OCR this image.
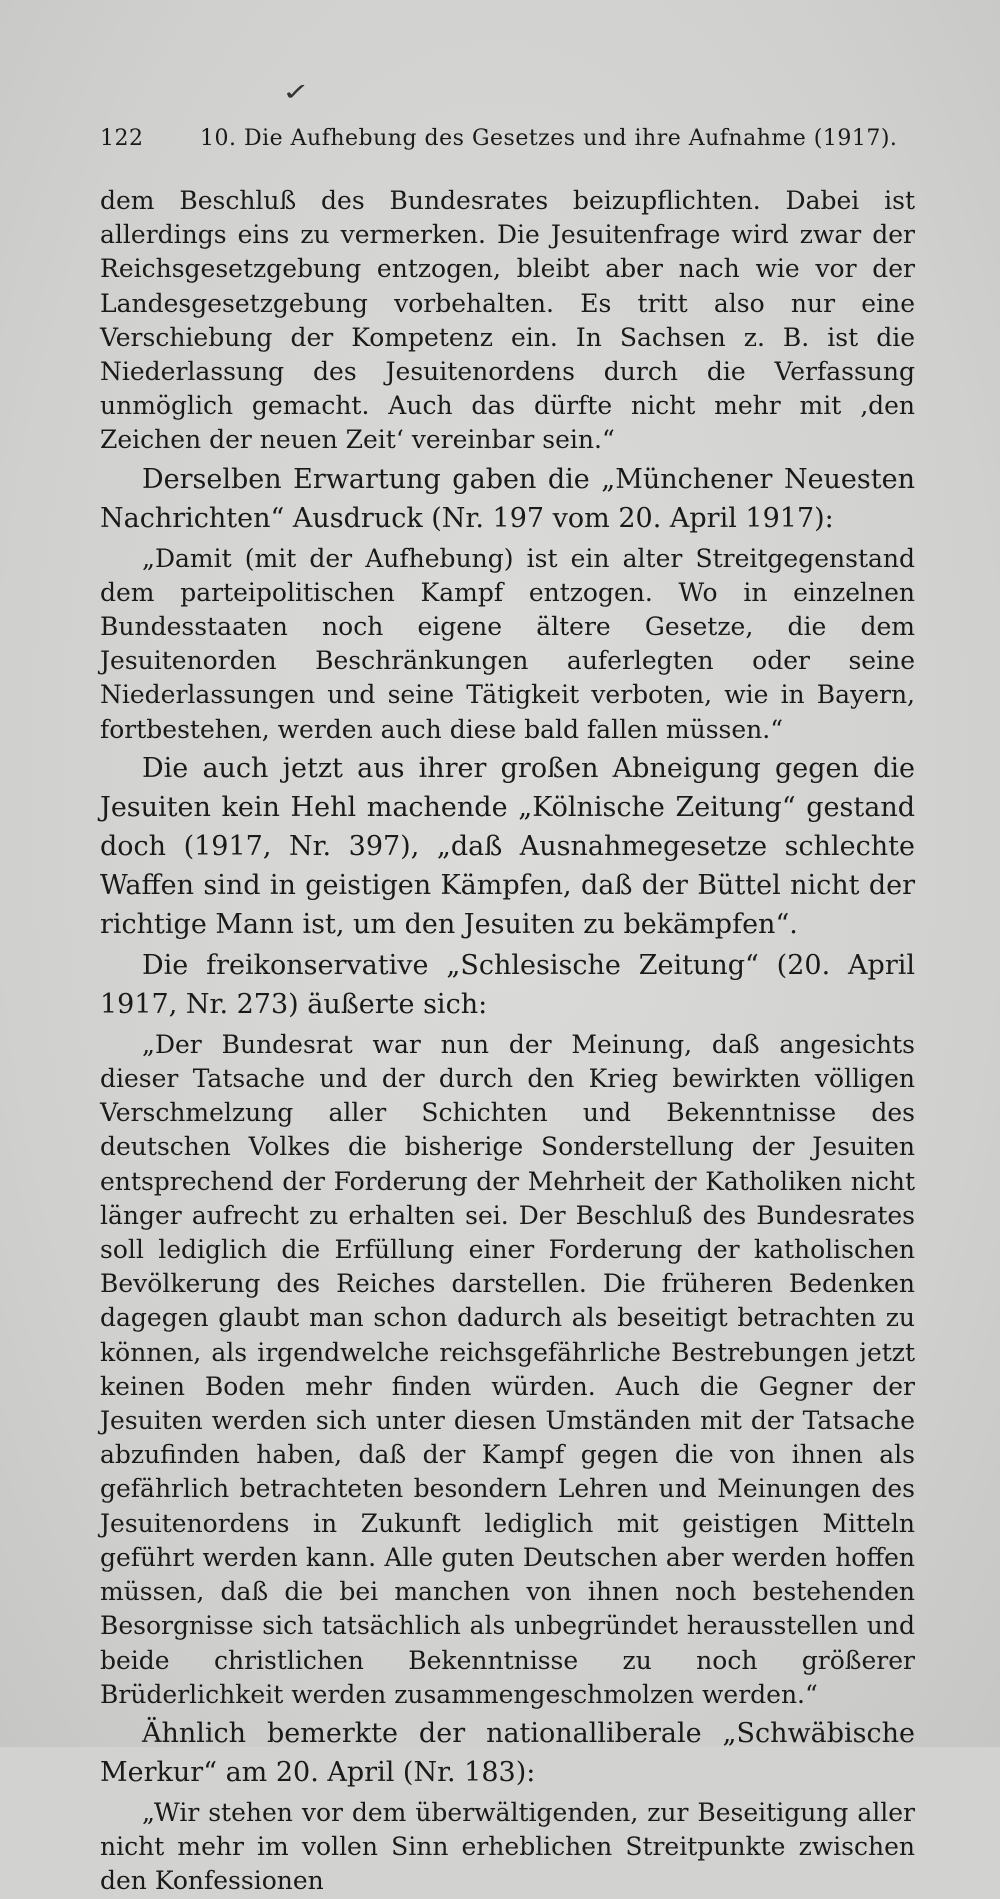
✓
122	10. Die Aufhebung des Gesetzes und ihre Aufnahme (1917).

dem Beschluß des Bundesrates beizupflichten. Dabei ist allerdings eins zu vermerken. Die Jesuitenfrage wird zwar der Reichsgesetzgebung entzogen, bleibt aber nach wie vor der Landesgesetzgebung vorbehalten. Es tritt also nur eine Verschiebung der Kompetenz ein. In Sachsen z. B. ist die Niederlassung des Jesuitenordens durch die Verfassung unmöglich gemacht. Auch das dürfte nicht mehr mit ‚den Zeichen der neuen Zeit‘ vereinbar sein.“

Derselben Erwartung gaben die „Münchener Neuesten Nachrichten“ Ausdruck (Nr. 197 vom 20. April 1917):

„Damit (mit der Aufhebung) ist ein alter Streitgegenstand dem parteipolitischen Kampf entzogen. Wo in einzelnen Bundesstaaten noch eigene ältere Gesetze, die dem Jesuitenorden Beschränkungen auferlegten oder seine Niederlassungen und seine Tätigkeit verboten, wie in Bayern, fortbestehen, werden auch diese bald fallen müssen.“

Die auch jetzt aus ihrer großen Abneigung gegen die Jesuiten kein Hehl machende „Kölnische Zeitung“ gestand doch (1917, Nr. 397), „daß Ausnahmegesetze schlechte Waffen sind in geistigen Kämpfen, daß der Büttel nicht der richtige Mann ist, um den Jesuiten zu bekämpfen“.

Die freikonservative „Schlesische Zeitung“ (20. April 1917, Nr. 273) äußerte sich:

„Der Bundesrat war nun der Meinung, daß angesichts dieser Tatsache und der durch den Krieg bewirkten völligen Verschmelzung aller Schichten und Bekenntnisse des deutschen Volkes die bisherige Sonderstellung der Jesuiten entsprechend der Forderung der Mehrheit der Katholiken nicht länger aufrecht zu erhalten sei. Der Beschluß des Bundesrates soll lediglich die Erfüllung einer Forderung der katholischen Bevölkerung des Reiches darstellen. Die früheren Bedenken dagegen glaubt man schon dadurch als beseitigt betrachten zu können, als irgendwelche reichsgefährliche Bestrebungen jetzt keinen Boden mehr finden würden. Auch die Gegner der Jesuiten werden sich unter diesen Umständen mit der Tatsache abzufinden haben, daß der Kampf gegen die von ihnen als gefährlich betrachteten besondern Lehren und Meinungen des Jesuitenordens in Zukunft lediglich mit geistigen Mitteln geführt werden kann. Alle guten Deutschen aber werden hoffen müssen, daß die bei manchen von ihnen noch bestehenden Besorgnisse sich tatsächlich als unbegründet herausstellen und beide christlichen Bekenntnisse zu noch größerer Brüderlichkeit werden zusammengeschmolzen werden.“

Ähnlich bemerkte der nationalliberale „Schwäbische Merkur“ am 20. April (Nr. 183):

„Wir stehen vor dem überwältigenden, zur Beseitigung aller nicht mehr im vollen Sinn erheblichen Streitpunkte zwischen den Konfessionen
